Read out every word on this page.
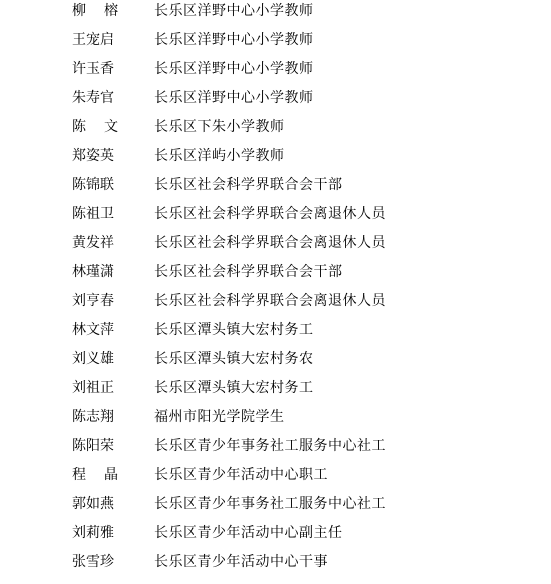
柳榕 长乐区洋野中心小学教师
王宠启	长乐区洋野中心小学教师
许玉香	长乐区洋野中心小学教师
朱寿官	长乐区洋野中心小学教师
陈文 长乐区下朱小学教师
郑姿英	长乐区洋屿小学教师
陈锦联	长乐区社会科学界联合会干部
陈祖卫	长乐区社会科学界联合会离退休人员
黄发祥	长乐区社会科学界联合会离退休人员
林瑾潇	长乐区社会科学界联合会干部
刘亨春	长乐区社会科学界联合会离退休人员
林文萍	长乐区潭头镇大宏村务工
刘义雄	长乐区潭头镇大宏村务农
刘祖正	长乐区潭头镇大宏村务工
陈志翔	福州市阳光学院学生
陈阳荣	长乐区青少年事务社工服务中心社工
程晶 长乐区青少年活动中心职工
郭如燕	长乐区青少年事务社工服务中心社工
刘莉雅	长乐区青少年活动中心副主任
张雪珍	长乐区青少年活动中心干事
